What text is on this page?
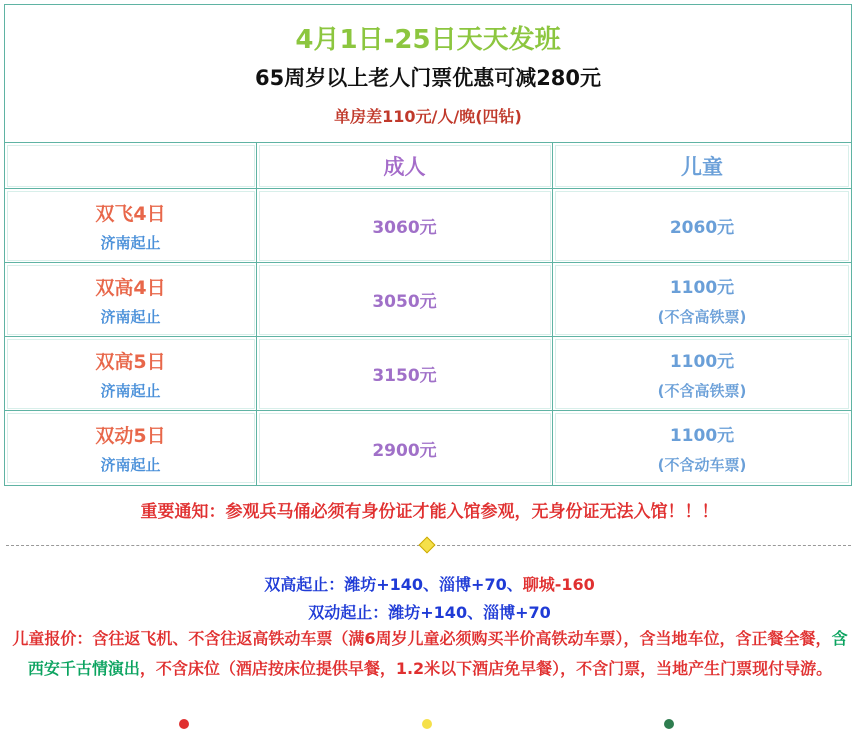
4月1日-25日天天发班
65周岁以上老人门票优惠可减280元
单房差110元/人/晚(四钻)
成人	儿童
双飞4日
济南起止
3060元	2060元
双高4日
济南起止
3050元
1100元
(不含高铁票)
双高5日
济南起止
3150元
1100元
(不含高铁票)
双动5日
济南起止
2900元
1100元
(不含动车票)
重要通知：参观兵马俑必须有身份证才能入馆参观，无身份证无法入馆！！！
双高起止：潍坊+140、淄博+70、聊城-160
双动起止：潍坊+140、淄博+70
儿童报价：含往返飞机、不含往返高铁动车票（满6周岁儿童必须购买半价高铁动车票），含当地车位，含正餐全餐，含西安千古情演出，不含床位（酒店按床位提供早餐，1.2米以下酒店免早餐），不含门票，当地产生门票现付导游。
